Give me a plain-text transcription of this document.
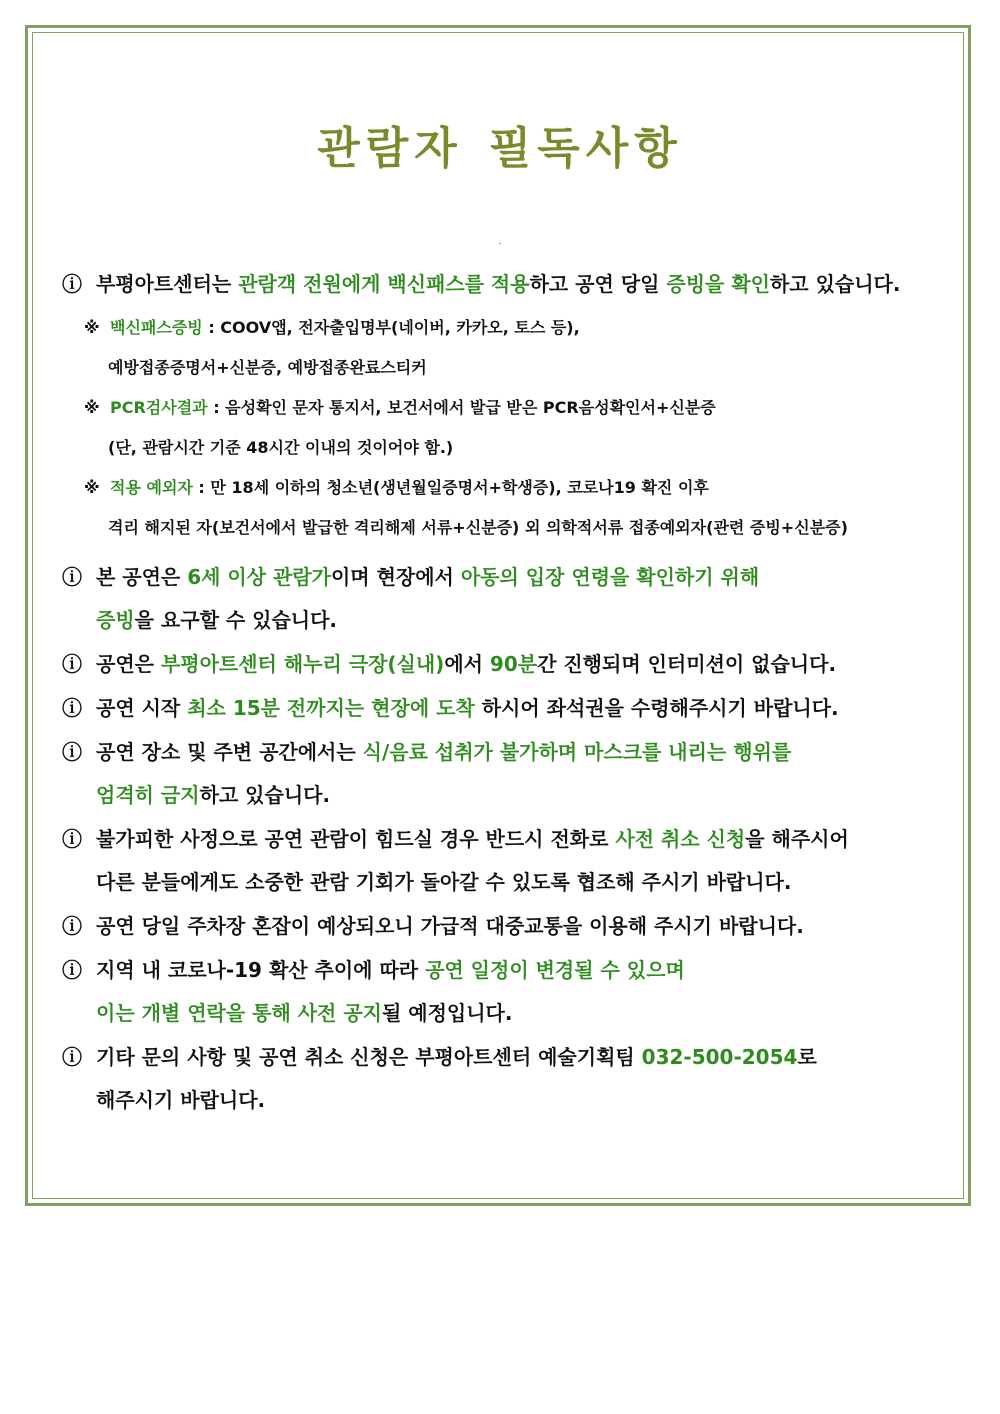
관람자 필독사항
ⓘ 부평아트센터는 관람객 전원에게 백신패스를 적용하고 공연 당일 증빙을 확인하고 있습니다.
ⓘ 본 공연은 6세 이상 관람가이며 현장에서 아동의 입장 연령을 확인하기 위해
증빙을 요구할 수 있습니다.
ⓘ 공연은 부평아트센터 해누리 극장(실내)에서 90분간 진행되며 인터미션이 없습니다.
ⓘ 공연 시작 최소 15분 전까지는 현장에 도착 하시어 좌석권을 수령해주시기 바랍니다.
ⓘ 공연 장소 및 주변 공간에서는 식/음료 섭취가 불가하며 마스크를 내리는 행위를
엄격히 금지하고 있습니다.
ⓘ 불가피한 사정으로 공연 관람이 힘드실 경우 반드시 전화로 사전 취소 신청을 해주시어
다른 분들에게도 소중한 관람 기회가 돌아갈 수 있도록 협조해 주시기 바랍니다.
ⓘ 공연 당일 주차장 혼잡이 예상되오니 가급적 대중교통을 이용해 주시기 바랍니다.
ⓘ 지역 내 코로나-19 확산 추이에 따라 공연 일정이 변경될 수 있으며
이는 개별 연락을 통해 사전 공지될 예정입니다.
ⓘ 기타 문의 사항 및 공연 취소 신청은 부평아트센터 예술기획팀 032-500-2054로
해주시기 바랍니다.
※ 백신패스증빙 : COOV앱, 전자출입명부(네이버, 카카오, 토스 등),
예방접종증명서+신분증, 예방접종완료스티커
※ PCR검사결과 : 음성확인 문자 통지서, 보건서에서 발급 받은 PCR음성확인서+신분증
(단, 관람시간 기준 48시간 이내의 것이어야 함.)
※ 적용 예외자 : 만 18세 이하의 청소년(생년월일증명서+학생증), 코로나19 확진 이후
격리 해지된 자(보건서에서 발급한 격리해제 서류+신분증) 외 의학적서류 접종예외자(관련 증빙+신분증)
